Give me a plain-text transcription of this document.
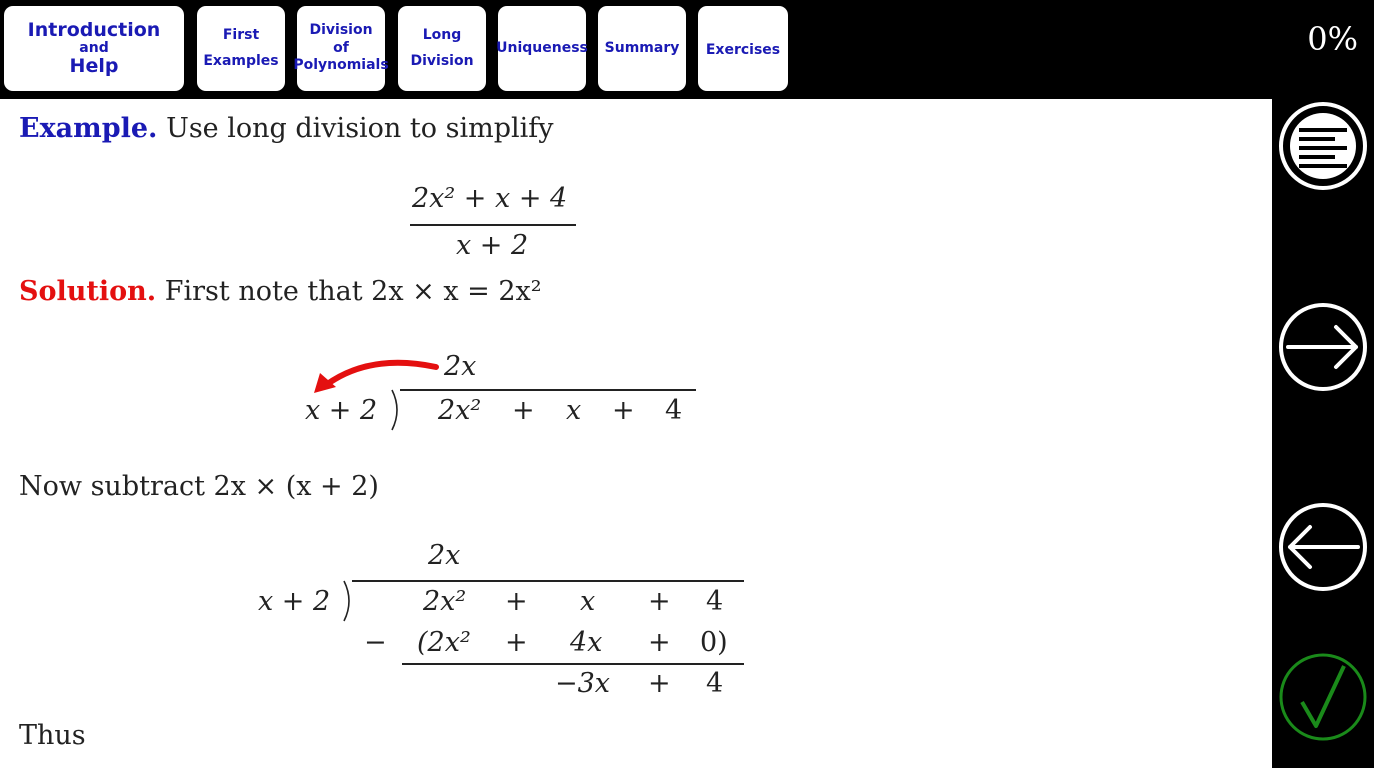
Introduction
and
Help
First
Examples
Division
of
Polynomials
Long
Division
Uniqueness Summary Exercises	0%
Example. Use long division to simplify
2x² + x + 4
x + 2
Solution. First note that 2x × x = 2x²
2x
x + 2 2x² + x + 4
Now subtract 2x × (x + 2)
2x
x + 2	2x² + x + 4
− (2x² + 4x + 0)
−3x + 4
Thus
